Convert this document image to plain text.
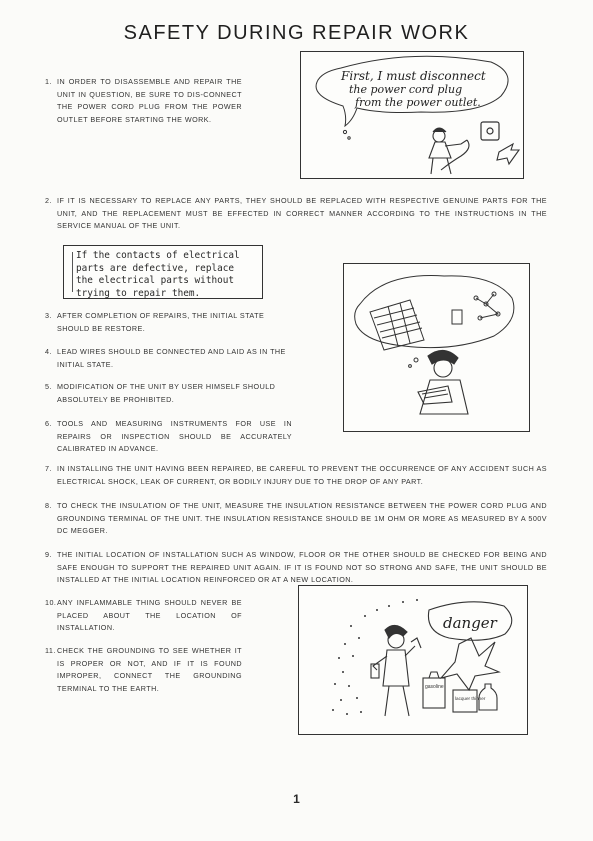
SAFETY DURING REPAIR WORK
1. IN ORDER TO DISASSEMBLE AND REPAIR THE UNIT IN QUESTION, BE SURE TO DIS-CONNECT THE POWER CORD PLUG FROM THE POWER OUTLET BEFORE STARTING THE WORK.
First, I must disconnect
the power cord plug
from the power outlet.
2. IF IT IS NECESSARY TO REPLACE ANY PARTS, THEY SHOULD BE REPLACED WITH RESPECTIVE GENUINE PARTS FOR THE UNIT, AND THE REPLACEMENT MUST BE EFFECTED IN CORRECT MANNER ACCORDING TO THE INSTRUCTIONS IN THE SERVICE MANUAL OF THE UNIT.
If the contacts of electrical
parts are defective, replace
the electrical parts without
trying to repair them.
3. AFTER COMPLETION OF REPAIRS, THE INITIAL STATE SHOULD BE RESTORE.
4. LEAD WIRES SHOULD BE CONNECTED AND LAID AS IN THE INITIAL STATE.
5. MODIFICATION OF THE UNIT BY USER HIMSELF SHOULD ABSOLUTELY BE PROHIBITED.
6. TOOLS AND MEASURING INSTRUMENTS FOR USE IN REPAIRS OR INSPECTION SHOULD BE ACCURATELY CALIBRATED IN ADVANCE.
7. IN INSTALLING THE UNIT HAVING BEEN REPAIRED, BE CAREFUL TO PREVENT THE OCCURRENCE OF ANY ACCIDENT SUCH AS ELECTRICAL SHOCK, LEAK OF CURRENT, OR BODILY INJURY DUE TO THE DROP OF ANY PART.
8. TO CHECK THE INSULATION OF THE UNIT, MEASURE THE INSULATION RESISTANCE BETWEEN THE POWER CORD PLUG AND GROUNDING TERMINAL OF THE UNIT. THE INSULATION RESISTANCE SHOULD BE 1M OHM OR MORE AS MEASURED BY A 500V DC MEGGER.
9. THE INITIAL LOCATION OF INSTALLATION SUCH AS WINDOW, FLOOR OR THE OTHER SHOULD BE CHECKED FOR BEING AND SAFE ENOUGH TO SUPPORT THE REPAIRED UNIT AGAIN. IF IT IS FOUND NOT SO STRONG AND SAFE, THE UNIT SHOULD BE INSTALLED AT THE INITIAL LOCATION REINFORCED OR AT A NEW LOCATION.
10. ANY INFLAMMABLE THING SHOULD NEVER BE PLACED ABOUT THE LOCATION OF INSTALLATION.
11. CHECK THE GROUNDING TO SEE WHETHER IT IS PROPER OR NOT, AND IF IT IS FOUND IMPROPER, CONNECT THE GROUNDING TERMINAL TO THE EARTH.
danger
gasoline
lacquer thinner
1
